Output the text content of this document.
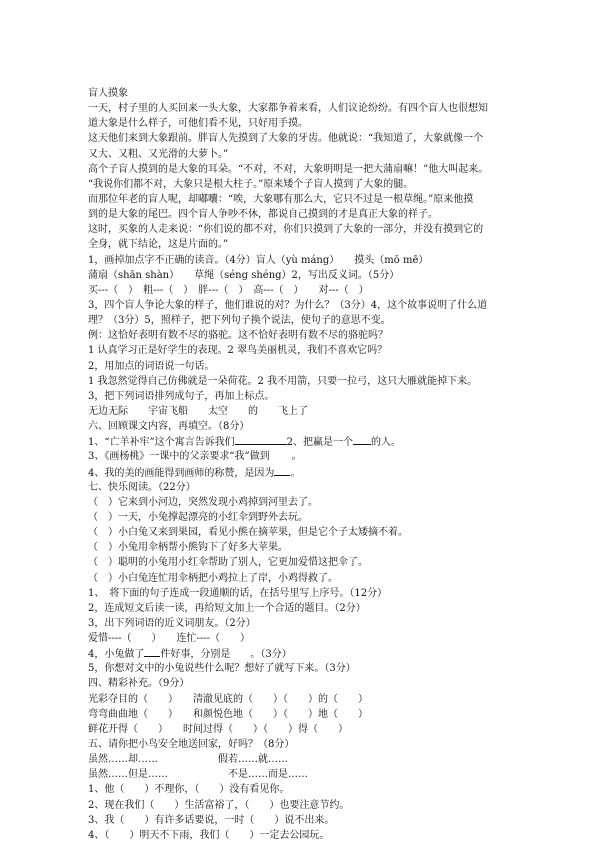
盲人摸象
一天，村子里的人买回来一头大象，大家都争着来看，人们议论纷纷。有四个盲人也很想知
道大象是什么样子，可他们看不见，只好用手摸。
这天他们来到大象跟前。胖盲人先摸到了大象的牙齿。他就说：“我知道了，大象就像一个
又大、又粗、又光滑的大萝卜。”
高个子盲人摸到的是大象的耳朵。“不对，不对，大象明明是一把大蒲扇嘛！”他大叫起来。
“我说你们都不对，大象只是根大柱子。”原来矮个子盲人摸到了大象的腿。
而那位年老的盲人呢，却嘟囔：“唉，大象哪有那么大，它只不过是一根草绳。”原来他摸
到的是大象的尾巴。四个盲人争吵不休，都说自己摸到的才是真正大象的样子。
这时，买象的人走来说：“你们说的都不对，你们只摸到了大象的一部分，并没有摸到它的
全身，就下结论，这是片面的。”
1，画掉加点字不正确的读音。（4分）盲人（yù máng）　　摸头（mō mē）
蒲扇（shān shàn）　　草绳（séng shéng）2，写出反义词。（5分）
买---（　）　粗---（　）　胖---（　）　高---（　）　　对---（　）
3，四个盲人争论大象的样子，他们谁说的对？为什么？（3分）4，这个故事说明了什么道
理？（3分）5，照样子，把下列句子换个说法，使句子的意思不变。
例：这恰好表明有数不尽的骆驼。这不恰好表明有数不尽的骆驼吗？
1 认真学习正是好学生的表现。2 翠鸟美丽机灵，我们不喜欢它吗？
2，用加点的词语说一句话。
1 我忽然觉得自己仿佛就是一朵荷花。2 我不用箭，只要一拉弓，这只大雁就能掉下来。
3，把下列词语排列成句子，再加上标点。
无边无际　　宇宙飞船　　太空　　的　　飞上了
六、回顾课文内容，再填空。（8分）
1、“亡羊补牢”这个寓言告诉我们	2、把赢是一个 的人。
3、《画杨桃》一课中的父亲要求“我”做到 。
4、我的美的画能得到画师的称赞，是因为 。
七、快乐阅读。（22分）
（　）它来到小河边，突然发现小鸡掉到河里去了。
（　）一天，小兔撑起漂亮的小红伞到野外去玩。
（　）小白兔又来到果园，看见小熊在摘苹果，但是它个子太矮摘不着。
（　）小兔用伞柄帮小熊钩下了好多大苹果。
（　）聪明的小兔用小红伞帮助了别人，它更加爱惜这把伞了。
（　）小白兔连忙用伞柄把小鸡拉上了岸，小鸡得救了。
1、　将下面的句子连成一段通顺的话，在括号里写上序号。（12分）
2，连成短文后读一读，再给短文加上一个合适的题目。（2分）
3，出下列词语的近义词朋友。（2分）
爱惜----（　　）　　连忙----（　　）
4，小兔做了 件好事，分别是 。（3分）
5，你想对文中的小兔说些什么呢？想好了就写下来。（3分）
四、精彩补充。（9分）
光彩夺目的（　　）　　清澈见底的（　　）（　　）的（　　）
弯弯曲曲地（　　）　　和颜悦色地（　　）（　　）地（　　）
鲜花开得（　　）　　时间过得（　　）（　　）得（　　）
五、请你把小鸟安全地送回家，好吗？（8分）
虽然……却……　　　　　　假若……就……
虽然……但是……　　　　　　不是……而是……
1、他（　　）不理你，（　　）没有看见你。
2、现在我们（　　）生活富裕了，（　　）也要注意节约。
3、我（　　）有许多话要说，一时（　　）说不出来。
4、（　　）明天不下雨，我们（　　）一定去公园玩。
